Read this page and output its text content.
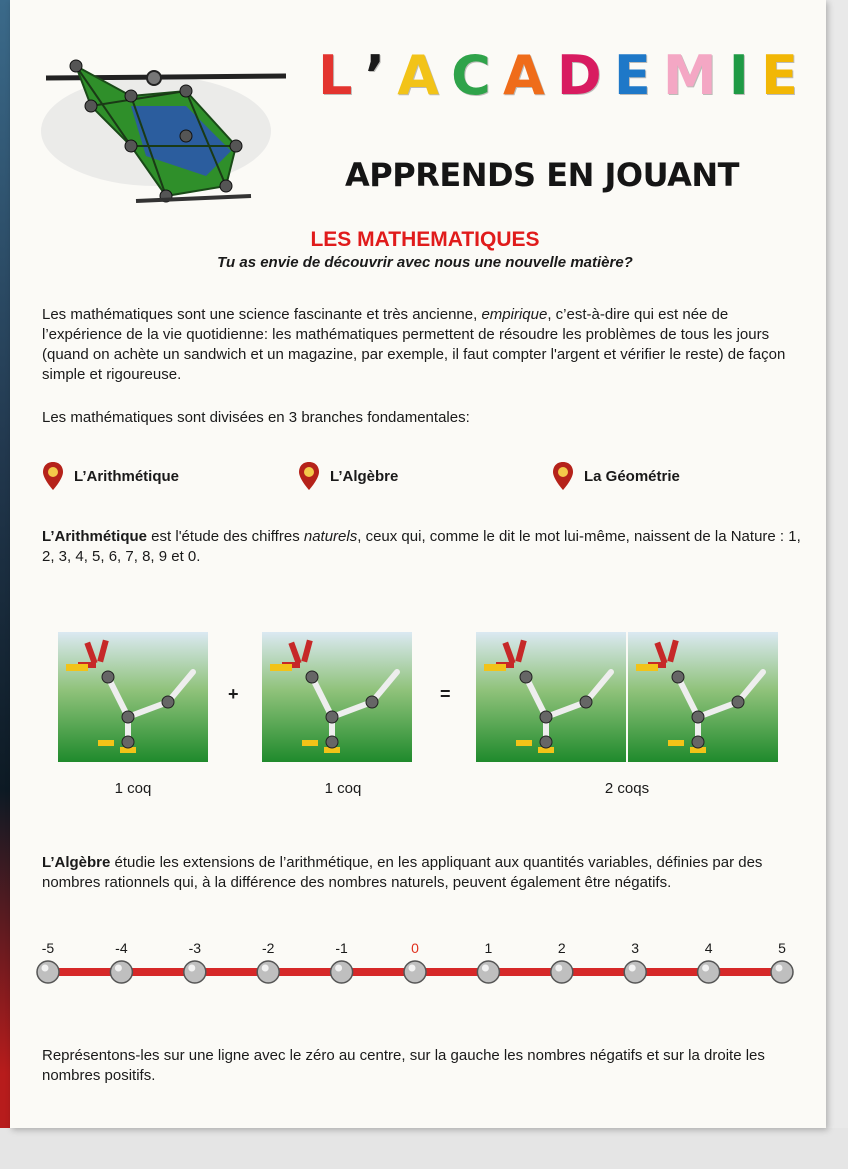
L ’ A C A D E M I E
APPRENDS EN JOUANT
LES MATHEMATIQUES
Tu as envie de découvrir avec nous une nouvelle matière?
Les mathématiques sont une science fascinante et très ancienne, empirique, c’est-à-dire qui est née de l’expérience de la vie quotidienne: les mathématiques permettent de résoudre les problèmes de tous les jours (quand on achète un sandwich et un magazine, par exemple, il faut compter l'argent et vérifier le reste) de façon simple et rigoureuse.
Les mathématiques sont divisées en 3 branches fondamentales:
L’Arithmétique	L’Algèbre	La Géométrie
L’Arithmétique est l'étude des chiffres naturels, ceux qui, comme le dit le mot lui-même, naissent de la Nature : 1, 2, 3, 4, 5, 6, 7, 8, 9 et 0.
+	=
1 coq	1 coq	2 coqs
L’Algèbre étudie les extensions de l’arithmétique, en les appliquant aux quantités variables, définies par des nombres rationnels qui, à la différence des nombres naturels, peuvent également être négatifs.
-5	-4	-3	-2	-1	0	1	2	3	4	5
Représentons-les sur une ligne avec le zéro au centre, sur la gauche les nombres négatifs et sur la droite les nombres positifs.
